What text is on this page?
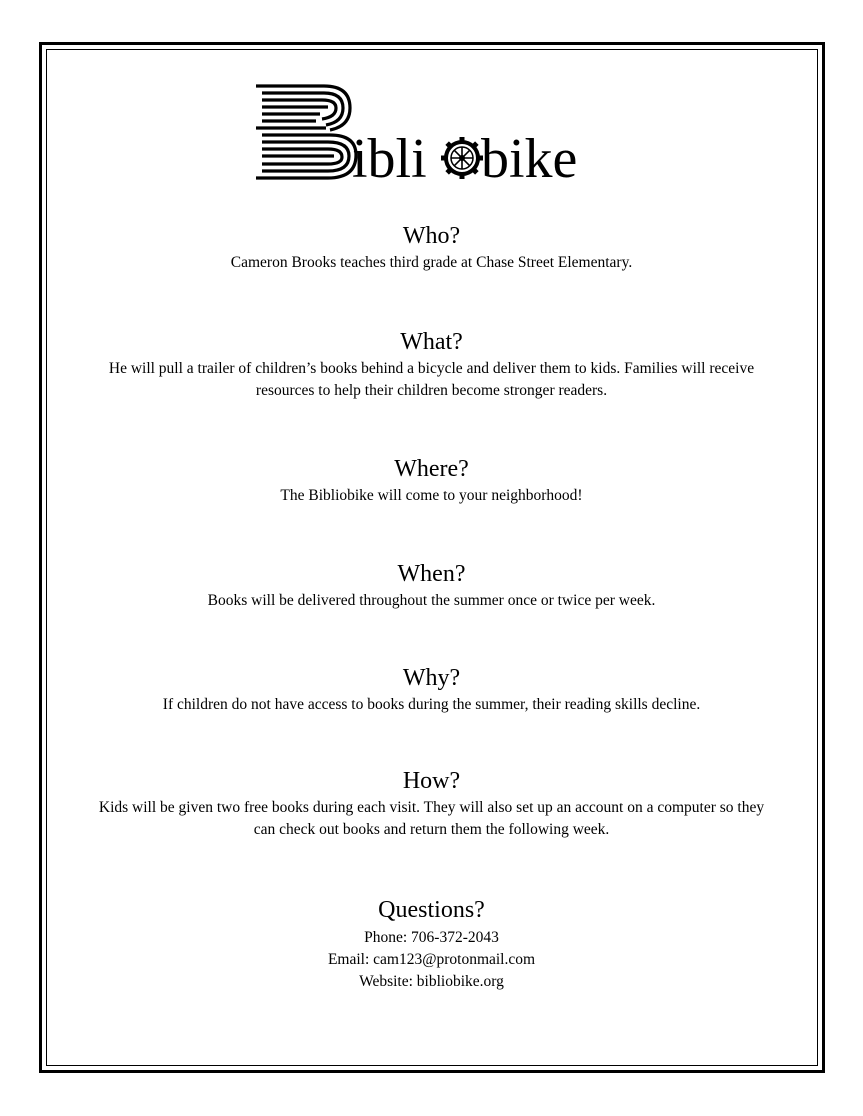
ibli bike
Who?

Cameron Brooks teaches third grade at Chase Street Elementary.

What?

He will pull a trailer of children’s books behind a bicycle and deliver them to kids. Families will receive

resources to help their children become stronger readers.

Where?

The Bibliobike will come to your neighborhood!

When?

Books will be delivered throughout the summer once or twice per week.

Why?

If children do not have access to books during the summer, their reading skills decline.

How?

Kids will be given two free books during each visit. They will also set up an account on a computer so they

can check out books and return them the following week.

Questions?

Phone: 706-372-2043

Email: cam123@protonmail.com

Website: bibliobike.org
